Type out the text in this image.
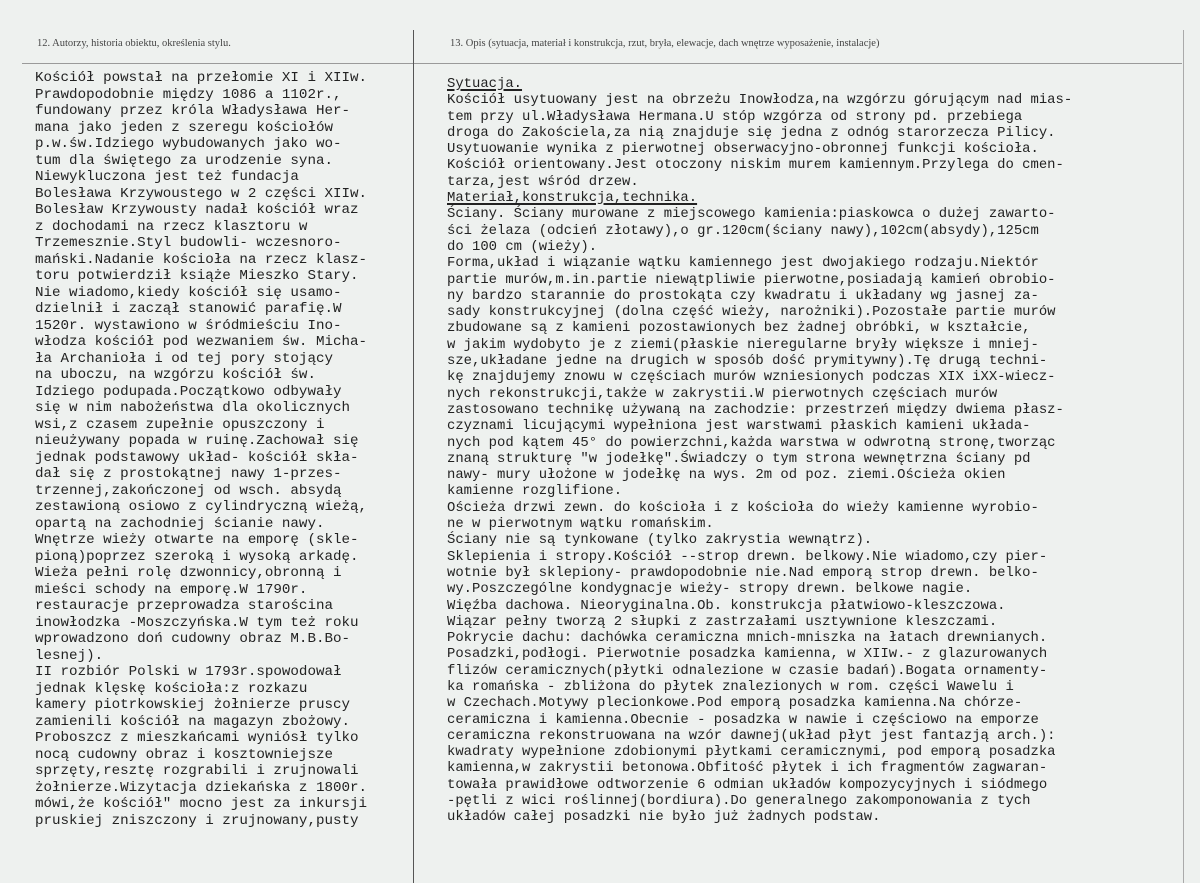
12. Autorzy, historia obiektu, określenia stylu.	13. Opis (sytuacja, materiał i konstrukcja, rzut, bryła, elewacje, dach wnętrze wyposażenie, instalacje)
Kościół powstał na przełomie XI i XIIw.
Prawdopodobnie między 1086 a 1102r.,
fundowany przez króla Władysława Her-
mana jako jeden z szeregu kościołów
p.w.św.Idziego wybudowanych jako wo-
tum dla świętego za urodzenie syna.
Niewykluczona jest też fundacja
Bolesława Krzywoustego w 2 części XIIw.
Bolesław Krzywousty nadał kościół wraz
z dochodami na rzecz klasztoru w
Trzemesznie.Styl budowli- wczesnoro-
mański.Nadanie kościoła na rzecz klasz-
toru potwierdził książe Mieszko Stary.
Nie wiadomo,kiedy kościół się usamo-
dzielnił i zaczął stanowić parafię.W
1520r. wystawiono w śródmieściu Ino-
włodza kościół pod wezwaniem św. Micha-
ła Archanioła i od tej pory stojący
na uboczu, na wzgórzu kościół św.
Idziego podupada.Początkowo odbywały
się w nim nabożeństwa dla okolicznych
wsi,z czasem zupełnie opuszczony i
nieużywany popada w ruinę.Zachował się
jednak podstawowy układ- kościół skła-
dał się z prostokątnej nawy 1-przes-
trzennej,zakończonej od wsch. absydą
zestawioną osiowo z cylindryczną wieżą,
opartą na zachodniej ścianie nawy.
Wnętrze wieży otwarte na emporę (skle-
pioną)poprzez szeroką i wysoką arkadę.
Wieża pełni rolę dzwonnicy,obronną i
mieści schody na emporę.W 1790r.
restauracje przeprowadza starościna
inowłodzka -Moszczyńska.W tym też roku
wprowadzono doń cudowny obraz M.B.Bo-
lesnej).
II rozbiór Polski w 1793r.spowodował
jednak klęskę kościoła:z rozkazu
kamery piotrkowskiej żołnierze pruscy
zamienili kościół na magazyn zbożowy.
Proboszcz z mieszkańcami wyniósł tylko
nocą cudowny obraz i kosztowniejsze
sprzęty,resztę rozgrabili i zrujnowali
żołnierze.Wizytacja dziekańska z 1800r.
mówi,że kościół" mocno jest za inkursji
pruskiej zniszczony i zrujnowany,pusty
Sytuacja.
Kościół usytuowany jest na obrzeżu Inowłodza,na wzgórzu górującym nad mias-
tem przy ul.Władysława Hermana.U stóp wzgórza od strony pd. przebiega
droga do Zakościela,za nią znajduje się jedna z odnóg starorzecza Pilicy.
Usytuowanie wynika z pierwotnej obserwacyjno-obronnej funkcji kościoła.
Kościół orientowany.Jest otoczony niskim murem kamiennym.Przylega do cmen-
tarza,jest wśród drzew.
Materiał,konstrukcja,technika.
Ściany. Ściany murowane z miejscowego kamienia:piaskowca o dużej zawarto-
ści żelaza (odcień złotawy),o gr.120cm(ściany nawy),102cm(absydy),125cm
do 100 cm (wieży).
Forma,układ i wiązanie wątku kamiennego jest dwojakiego rodzaju.Niektór
partie murów,m.in.partie niewątpliwie pierwotne,posiadają kamień obrobio-
ny bardzo starannie do prostokąta czy kwadratu i układany wg jasnej za-
sady konstrukcyjnej (dolna część wieży, narożniki).Pozostałe partie murów
zbudowane są z kamieni pozostawionych bez żadnej obróbki, w kształcie,
w jakim wydobyto je z ziemi(płaskie nieregularne bryły większe i mniej-
sze,układane jedne na drugich w sposób dość prymitywny).Tę drugą techni-
kę znajdujemy znowu w częściach murów wzniesionych podczas XIX iXX-wiecz-
nych rekonstrukcji,także w zakrystii.W pierwotnych częściach murów
zastosowano technikę używaną na zachodzie: przestrzeń między dwiema płasz-
czyznami licującymi wypełniona jest warstwami płaskich kamieni układa-
nych pod kątem 45° do powierzchni,każda warstwa w odwrotną stronę,tworząc
znaną strukturę "w jodełkę".Świadczy o tym strona wewnętrzna ściany pd
nawy- mury ułożone w jodełkę na wys. 2m od poz. ziemi.Ościeża okien
kamienne rozglifione.
Ościeża drzwi zewn. do kościoła i z kościoła do wieży kamienne wyrobio-
ne w pierwotnym wątku romańskim.
Ściany nie są tynkowane (tylko zakrystia wewnątrz).
Sklepienia i stropy.Kościół --strop drewn. belkowy.Nie wiadomo,czy pier-
wotnie był sklepiony- prawdopodobnie nie.Nad emporą strop drewn. belko-
wy.Poszczególne kondygnacje wieży- stropy drewn. belkowe nagie.
Więźba dachowa. Nieoryginalna.Ob. konstrukcja płatwiowo-kleszczowa.
Wiązar pełny tworzą 2 słupki z zastrzałami usztywnione kleszczami.
Pokrycie dachu: dachówka ceramiczna mnich-mniszka na łatach drewnianych.
Posadzki,podłogi. Pierwotnie posadzka kamienna, w XIIw.- z glazurowanych
flizów ceramicznych(płytki odnalezione w czasie badań).Bogata ornamenty-
ka romańska - zbliżona do płytek znalezionych w rom. części Wawelu i
w Czechach.Motywy plecionkowe.Pod emporą posadzka kamienna.Na chórze-
ceramiczna i kamienna.Obecnie - posadzka w nawie i częściowo na emporze
ceramiczna rekonstruowana na wzór dawnej(układ płyt jest fantazją arch.):
kwadraty wypełnione zdobionymi płytkami ceramicznymi, pod emporą posadzka
kamienna,w zakrystii betonowa.Obfitość płytek i ich fragmentów zagwaran-
towała prawidłowe odtworzenie 6 odmian układów kompozycyjnych i siódmego
-pętli z wici roślinnej(bordiura).Do generalnego zakomponowania z tych
układów całej posadzki nie było już żadnych podstaw.
